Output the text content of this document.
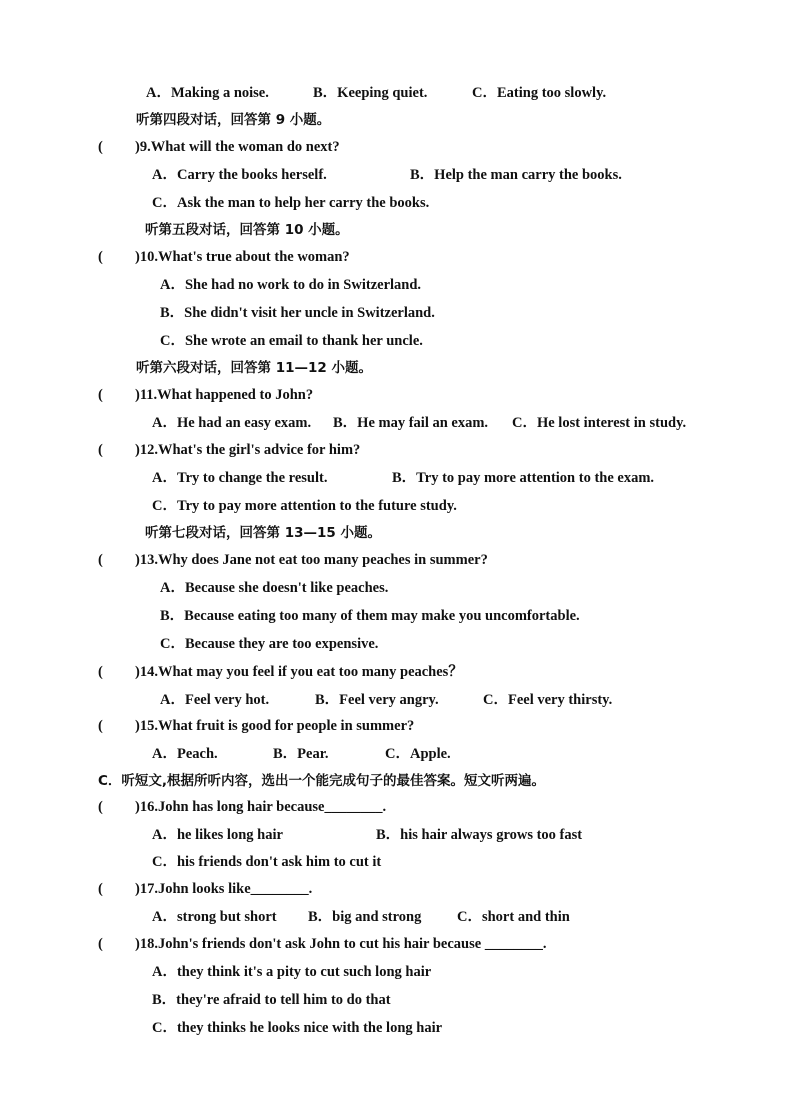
A．Making a noise.	B．Keeping quiet.	C．Eating too slowly.
听第四段对话，回答第 9 小题。
( )9.What will the woman do next?
A．Carry the books herself.	B．Help the man carry the books.
C．Ask the man to help her carry the books.
听第五段对话，回答第 10 小题。
( )10.What's true about the woman?
A．She had no work to do in Switzerland.
B．She didn't visit her uncle in Switzerland.
C．She wrote an email to thank her uncle.
听第六段对话，回答第 11—12 小题。
( )11.What happened to John?
A．He had an easy exam. B．He may fail an exam. C．He lost interest in study.
( )12.What's the girl's advice for him?
A．Try to change the result.	B．Try to pay more attention to the exam.
C．Try to pay more attention to the future study.
听第七段对话，回答第 13—15 小题。
( )13.Why does Jane not eat too many peaches in summer?
A．Because she doesn't like peaches.
B．Because eating too many of them may make you uncomfortable.
C．Because they are too expensive.
( )14.What may you feel if you eat too many peaches？
A．Feel very hot.	B．Feel very angry.	C．Feel very thirsty.
( )15.What fruit is good for people in summer?
A．Peach.	B．Pear.	C．Apple.
C．听短文,根据所听内容，选出一个能完成句子的最佳答案。短文听两遍。
( )16.John has long hair because________.
A．he likes long hair	B．his hair always grows too fast
C．his friends don't ask him to cut it
( )17.John looks like________.
A．strong but short B．big and strong C．short and thin
( )18.John's friends don't ask John to cut his hair because ________.
A．they think it's a pity to cut such long hair
B．they're afraid to tell him to do that
C．they thinks he looks nice with the long hair
